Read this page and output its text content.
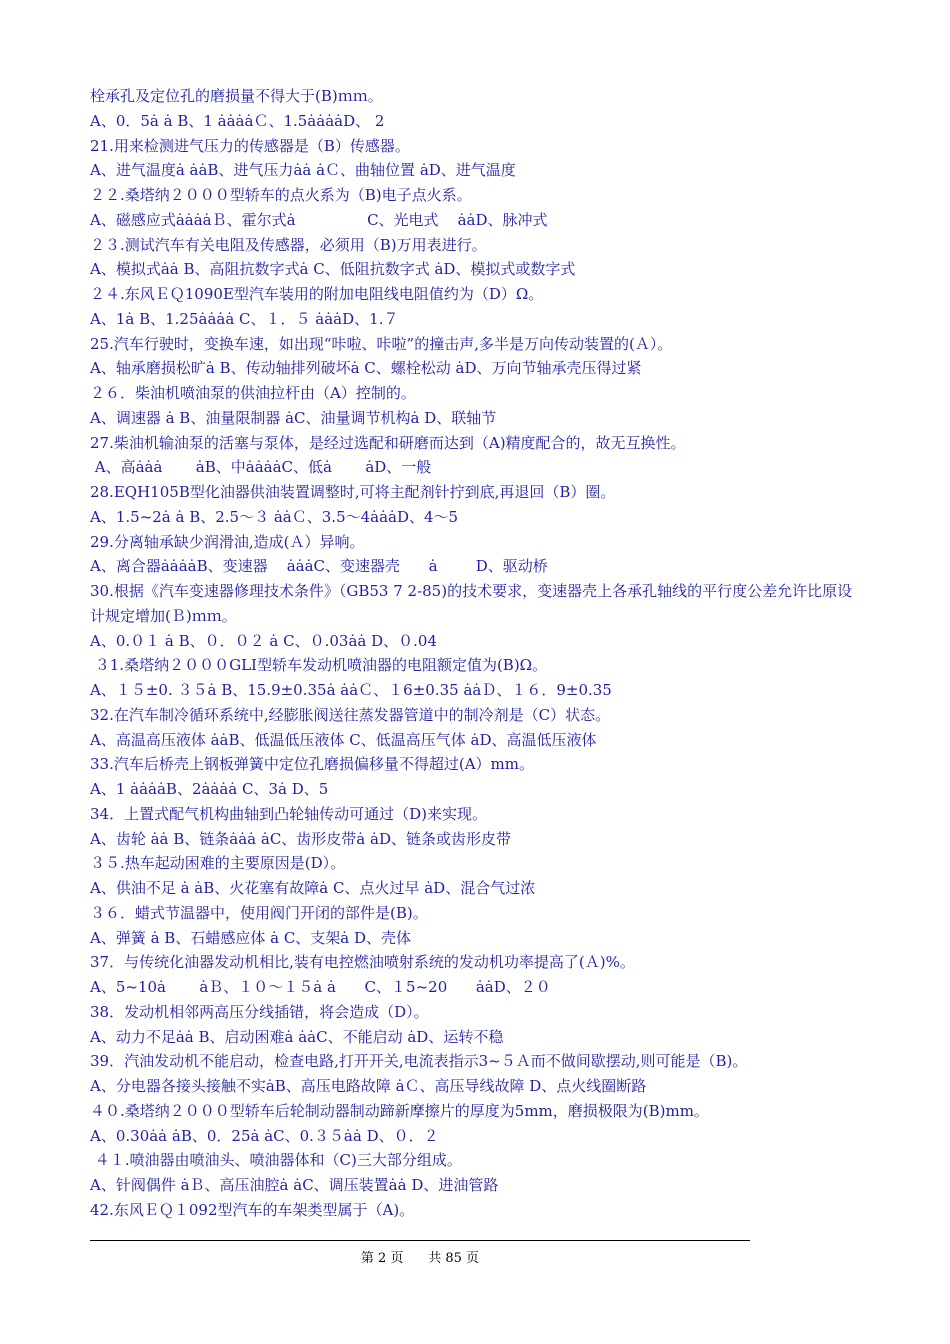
栓承孔及定位孔的磨损量不得大于(B)ｍｍ。
A、0．5ȧ ȧ B、1 ȧȧȧȧＣ、1.5ȧȧȧȧD、 2
21.用来检测进气压力的传感器是（B）传感器。
A、进气温度ȧ ȧȧB、进气压力ȧȧ ȧＣ、曲轴位置 ȧD、进气温度
２２.桑塔纳２０００型轿车的点火系为（B)电子点火系。
A、磁感应式ȧȧȧȧＢ、霍尔式ȧ               C、光电式    ȧȧD、脉冲式
２３.测试汽车有关电阻及传感器，必须用（B)万用表进行。
A、模拟式ȧȧ B、高阻抗数字式ȧ C、低阻抗数字式 ȧD、模拟式或数字式
２４.东风ＥＱ1090E型汽车装用的附加电阻线电阻值约为（D）Ω。
A、1ȧ B、1.25ȧȧȧȧ C、１．５ ȧȧȧD、1.７
25.汽车行驶时，变换车速，如出现“咔啦、咔啦”的撞击声,多半是万向传动装置的(Ａ）。
A、轴承磨损松旷ȧ B、传动轴排列破坏ȧ C、螺栓松动 ȧD、万向节轴承壳压得过紧
２６．柴油机喷油泵的供油拉杆由（A）控制的。
A、调速器 ȧ B、油量限制器 ȧC、油量调节机构ȧ D、联轴节
27.柴油机输油泵的活塞与泵体，是经过选配和研磨而达到（A)精度配合的，故无互换性。
A、高ȧȧȧ       ȧB、中ȧȧȧȧC、低ȧ       ȧD、一般
28.EQH105B型化油器供油装置调整时,可将主配剂针拧到底,再退回（B）圈。
A、1.5~2ȧ ȧ B、2.5～３ ȧȧＣ、3.5～4ȧȧȧD、4～5
29.分离轴承缺少润滑油,造成(Ａ）异响。
A、离合器ȧȧȧȧB、变速器    ȧȧȧC、变速器壳      ȧ        D、驱动桥
30.根据《汽车变速器修理技术条件》（GB53 7 2-85)的技术要求，变速器壳上各承孔轴线的平行度公差允许比原设计规定增加(Ｂ)ｍｍ。
A、0.０１ ȧ B、０．０２ ȧ C、０.03ȧȧ D、０.04
３1.桑塔纳２０００GLI型轿车发动机喷油器的电阻额定值为(B)Ω。
A、１５±0. ３５ȧ B、15.9±0.35ȧ ȧȧＣ、１6±0.35 ȧȧＤ、１６．9±0.35
32.在汽车制冷循环系统中,经膨胀阀送往蒸发器管道中的制冷剂是（C）状态。
A、高温高压液体 ȧȧB、低温低压液体 C、低温高压气体 ȧD、高温低压液体
33.汽车后桥壳上钢板弹簧中定位孔磨损偏移量不得超过(A）mm。
A、1 ȧȧȧȧB、2ȧȧȧȧ C、3ȧ D、5
34．上置式配气机构曲轴到凸轮轴传动可通过（D)来实现。
A、齿轮 ȧȧ B、链条ȧȧȧ ȧC、齿形皮带ȧ ȧD、链条或齿形皮带
３５.热车起动困难的主要原因是(D）。
A、供油不足 ȧ ȧB、火花塞有故障ȧ C、点火过早 ȧD、混合气过浓
３６．蜡式节温器中，使用阀门开闭的部件是(B)。
A、弹簧 ȧ B、石蜡感应体 ȧ C、支架ȧ D、壳体
37．与传统化油器发动机相比,装有电控燃油喷射系统的发动机功率提高了(Ａ)%。
A、5~10ȧ       ȧＢ、１０～１５ȧ ȧ      C、１5~20      ȧȧD、２０
38．发动机相邻两高压分线插错，将会造成（D）。
A、动力不足ȧȧ B、启动困难ȧ ȧȧC、不能启动 ȧD、运转不稳
39．汽油发动机不能启动，检查电路,打开开关,电流表指示3~５Ａ而不做间歇摆动,则可能是（B)。
A、分电器各接头接触不实ȧB、高压电路故障 ȧＣ、高压导线故障 D、点火线圈断路
４０.桑塔纳２０００型轿车后轮制动器制动蹄新摩擦片的厚度为5mm，磨损极限为(B)mm。
A、0.30ȧȧ ȧB、0．25ȧ ȧC、0.３５ȧȧ D、０．２
４１.喷油器由喷油头、喷油器体和（C)三大部分组成。
A、针阀偶件 ȧＢ、高压油腔ȧ ȧC、调压装置ȧȧ D、进油管路
42.东风ＥＱ１092型汽车的车架类型属于（A)。
第 2 页      共 85 页
